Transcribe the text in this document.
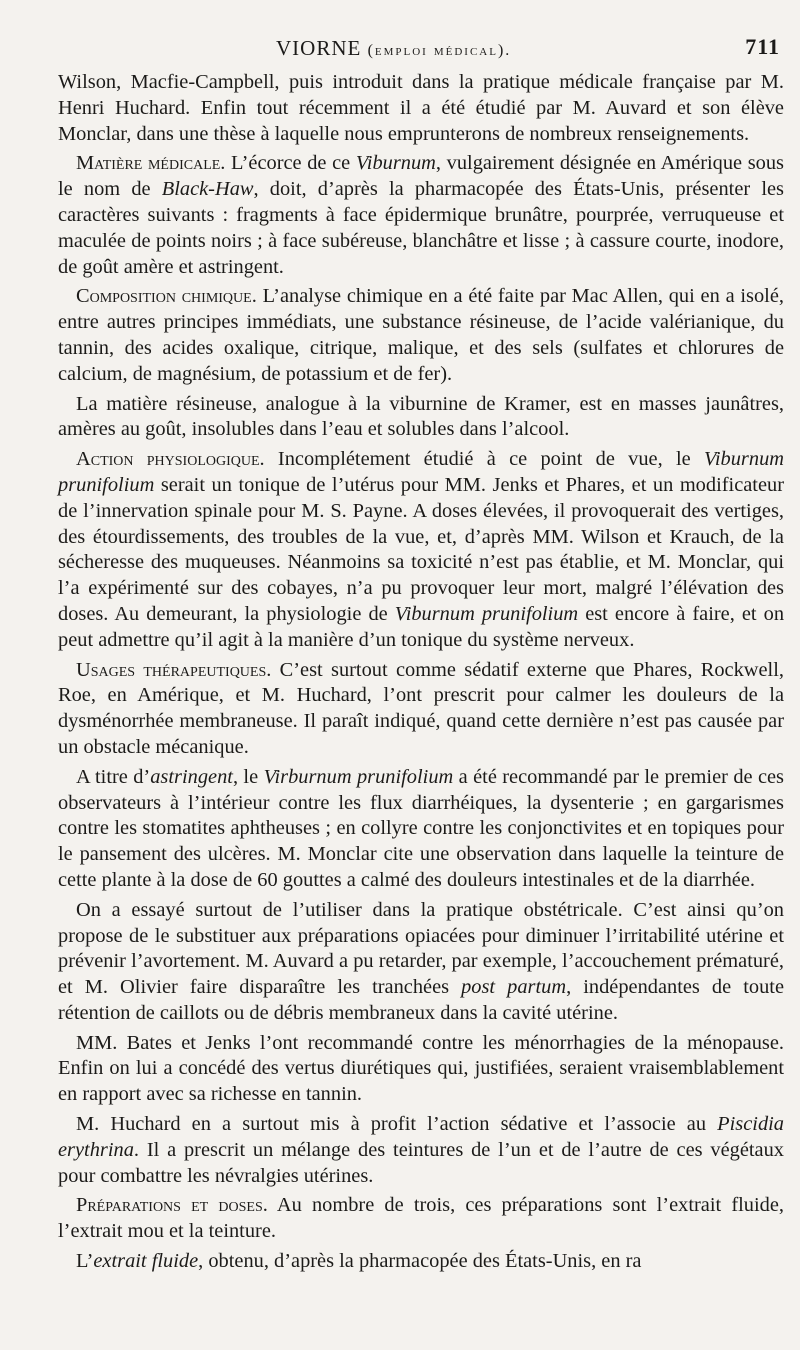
VIORNE (emploi médical).	711

Wilson, Macfie-Campbell, puis introduit dans la pratique médicale française par M. Henri Huchard. Enfin tout récemment il a été étudié par M. Auvard et son élève Monclar, dans une thèse à laquelle nous emprunterons de nombreux renseignements.

Matière médicale. L’écorce de ce Viburnum, vulgairement désignée en Amérique sous le nom de Black-Haw, doit, d’après la pharmacopée des États-Unis, présenter les caractères suivants : fragments à face épidermique brunâtre, pourprée, verruqueuse et maculée de points noirs ; à face subéreuse, blanchâtre et lisse ; à cassure courte, inodore, de goût amère et astringent.

Composition chimique. L’analyse chimique en a été faite par Mac Allen, qui en a isolé, entre autres principes immédiats, une substance résineuse, de l’acide valérianique, du tannin, des acides oxalique, citrique, malique, et des sels (sulfates et chlorures de calcium, de magnésium, de potassium et de fer).

La matière résineuse, analogue à la viburnine de Kramer, est en masses jaunâtres, amères au goût, insolubles dans l’eau et solubles dans l’alcool.

Action physiologique. Incomplétement étudié à ce point de vue, le Viburnum prunifolium serait un tonique de l’utérus pour MM. Jenks et Phares, et un modificateur de l’innervation spinale pour M. S. Payne. A doses élevées, il provoquerait des vertiges, des étourdissements, des troubles de la vue, et, d’après MM. Wilson et Krauch, de la sécheresse des muqueuses. Néanmoins sa toxicité n’est pas établie, et M. Monclar, qui l’a expérimenté sur des cobayes, n’a pu provoquer leur mort, malgré l’élévation des doses. Au demeurant, la physiologie de Viburnum prunifolium est encore à faire, et on peut admettre qu’il agit à la manière d’un tonique du système nerveux.

Usages thérapeutiques. C’est surtout comme sédatif externe que Phares, Rockwell, Roe, en Amérique, et M. Huchard, l’ont prescrit pour calmer les douleurs de la dysménorrhée membraneuse. Il paraît indiqué, quand cette dernière n’est pas causée par un obstacle mécanique.

A titre d’astringent, le Virburnum prunifolium a été recommandé par le premier de ces observateurs à l’intérieur contre les flux diarrhéiques, la dysenterie ; en gargarismes contre les stomatites aphtheuses ; en collyre contre les conjonctivites et en topiques pour le pansement des ulcères. M. Monclar cite une observation dans laquelle la teinture de cette plante à la dose de 60 gouttes a calmé des douleurs intestinales et de la diarrhée.

On a essayé surtout de l’utiliser dans la pratique obstétricale. C’est ainsi qu’on propose de le substituer aux préparations opiacées pour diminuer l’irritabilité utérine et prévenir l’avortement. M. Auvard a pu retarder, par exemple, l’accouchement prématuré, et M. Olivier faire disparaître les tranchées post partum, indépendantes de toute rétention de caillots ou de débris membraneux dans la cavité utérine.

MM. Bates et Jenks l’ont recommandé contre les ménorrhagies de la ménopause. Enfin on lui a concédé des vertus diurétiques qui, justifiées, seraient vraisemblablement en rapport avec sa richesse en tannin.

M. Huchard en a surtout mis à profit l’action sédative et l’associe au Piscidia erythrina. Il a prescrit un mélange des teintures de l’un et de l’autre de ces végétaux pour combattre les névralgies utérines.

Préparations et doses. Au nombre de trois, ces préparations sont l’extrait fluide, l’extrait mou et la teinture.

L’extrait fluide, obtenu, d’après la pharmacopée des États-Unis, en ra
